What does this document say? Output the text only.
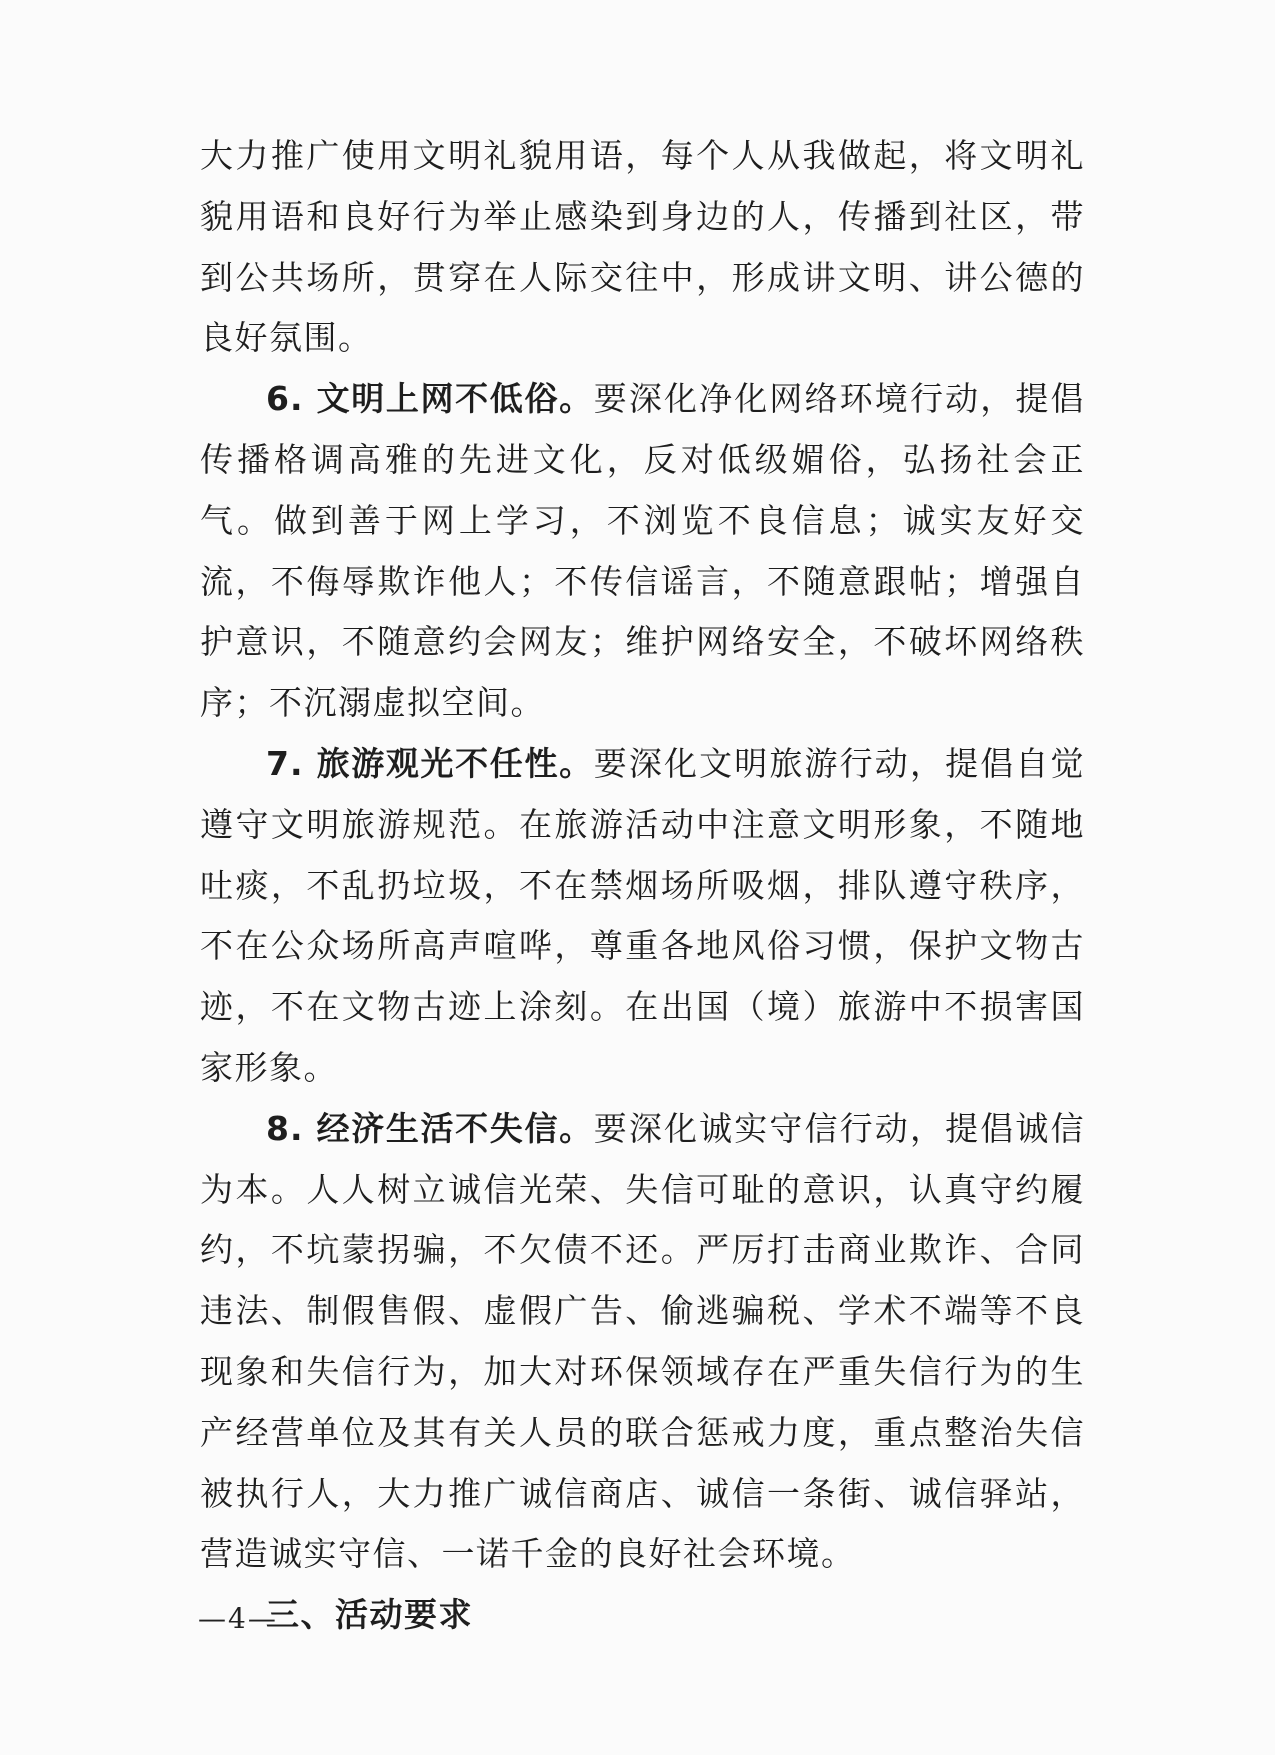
大力推广使用文明礼貌用语，每个人从我做起，将文明礼貌用语和良好行为举止感染到身边的人，传播到社区，带到公共场所，贯穿在人际交往中，形成讲文明、讲公德的良好氛围。

6. 文明上网不低俗。要深化净化网络环境行动，提倡传播格调高雅的先进文化，反对低级媚俗，弘扬社会正气。做到善于网上学习，不浏览不良信息；诚实友好交流，不侮辱欺诈他人；不传信谣言，不随意跟帖；增强自护意识，不随意约会网友；维护网络安全，不破坏网络秩序；不沉溺虚拟空间。

7. 旅游观光不任性。要深化文明旅游行动，提倡自觉遵守文明旅游规范。在旅游活动中注意文明形象，不随地吐痰，不乱扔垃圾，不在禁烟场所吸烟，排队遵守秩序，不在公众场所高声喧哗，尊重各地风俗习惯，保护文物古迹，不在文物古迹上涂刻。在出国（境）旅游中不损害国家形象。

8. 经济生活不失信。要深化诚实守信行动，提倡诚信为本。人人树立诚信光荣、失信可耻的意识，认真守约履约，不坑蒙拐骗，不欠债不还。严厉打击商业欺诈、合同违法、制假售假、虚假广告、偷逃骗税、学术不端等不良现象和失信行为，加大对环保领域存在严重失信行为的生产经营单位及其有关人员的联合惩戒力度，重点整治失信被执行人，大力推广诚信商店、诚信一条街、诚信驿站，营造诚实守信、一诺千金的良好社会环境。

三、活动要求

—4—
